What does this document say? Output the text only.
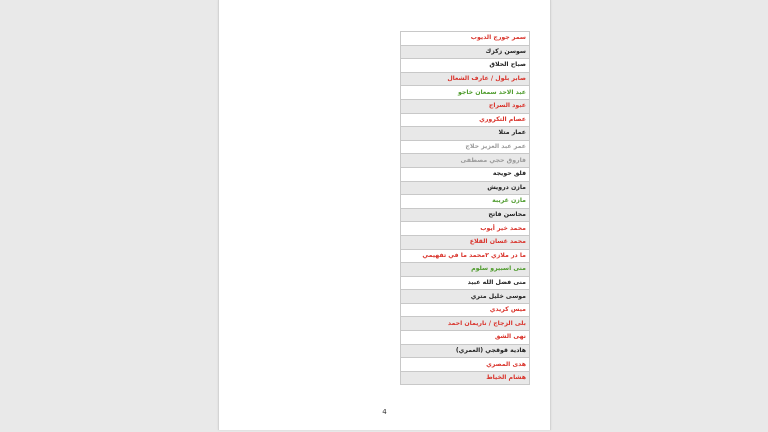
سمر جورج الديوب
سوسن زكزك
صباح الحلاق
صابر بلول / عارف الشعال
عبد الاحد سمعان خاجو
عبود السراج
عصام التكروري
عمار متلا
عمر عبد العزيز حلاج
فاروق حجي مصطفى
فلق حويجة
مازن درويش
مازن غريبة
محاسن فاتح
محمد خير أيوب
محمد غسان القلاع
ما در ملازي ٢محمد ما في تفهيمي
منى اسبيرو سلوم
منى فضل الله عبيد
موسى خليل متري
ميس كريدي
بلى الزجاج / ناريمان احمد
نهى الشق
هادية قوقجي (العمري)
هدى المصري
هشام الخياط
4
